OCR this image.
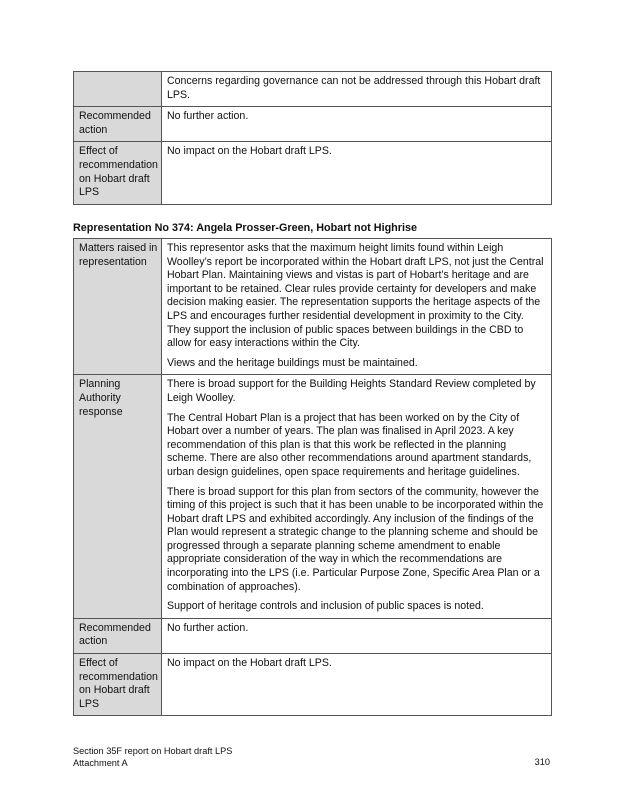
	Concerns regarding governance can not be addressed through this Hobart draft LPS.
Recommended action	No further action.
Effect of recommendation on Hobart draft LPS	No impact on the Hobart draft LPS.
Representation No 374: Angela Prosser-Green, Hobart not Highrise
Matters raised in representation	This representor asks that the maximum height limits found within Leigh Woolley’s report be incorporated within the Hobart draft LPS, not just the Central Hobart Plan. Maintaining views and vistas is part of Hobart’s heritage and are important to be retained. Clear rules provide certainty for developers and make decision making easier. The representation supports the heritage aspects of the LPS and encourages further residential development in proximity to the City. They support the inclusion of public spaces between buildings in the CBD to allow for easy interactions within the City.

Views and the heritage buildings must be maintained.

Planning Authority response	There is broad support for the Building Heights Standard Review completed by Leigh Woolley.

The Central Hobart Plan is a project that has been worked on by the City of Hobart over a number of years. The plan was finalised in April 2023. A key recommendation of this plan is that this work be reflected in the planning scheme. There are also other recommendations around apartment standards, urban design guidelines, open space requirements and heritage guidelines.

There is broad support for this plan from sectors of the community, however the timing of this project is such that it has been unable to be incorporated within the Hobart draft LPS and exhibited accordingly. Any inclusion of the findings of the Plan would represent a strategic change to the planning scheme and should be progressed through a separate planning scheme amendment to enable appropriate consideration of the way in which the recommendations are incorporating into the LPS (i.e. Particular Purpose Zone, Specific Area Plan or a combination of approaches).

Support of heritage controls and inclusion of public spaces is noted.

Recommended action	No further action.
Effect of recommendation on Hobart draft LPS	No impact on the Hobart draft LPS.
Section 35F report on Hobart draft LPS
Attachment A	310
